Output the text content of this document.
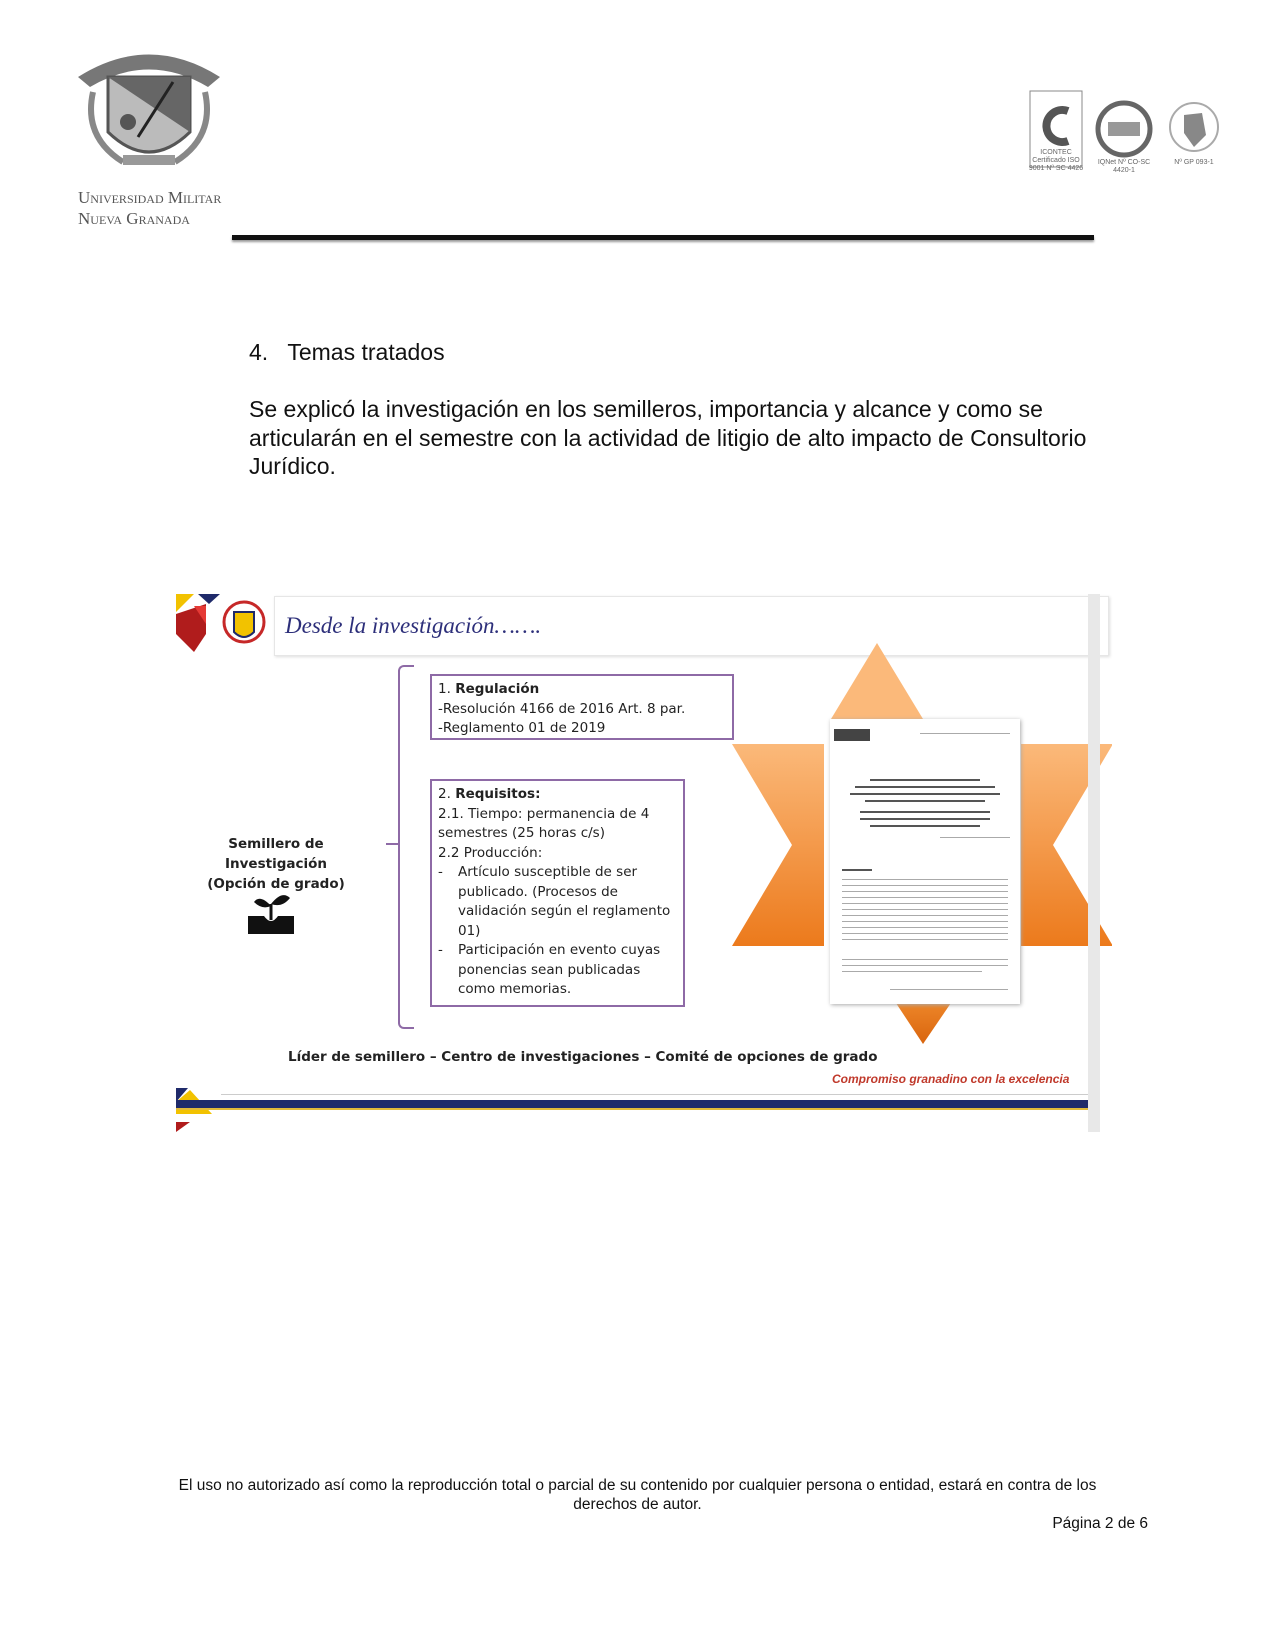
Universidad Militar
Nueva Granada
ICONTEC Certificado ISO 9001 Nº SC 4426
IQNet Nº CO-SC 4420-1
Nº GP 093-1
4. Temas tratados
Se explicó la investigación en los semilleros, importancia y alcance y como se articularán en el semestre con la actividad de litigio de alto impacto de Consultorio Jurídico.
Desde la investigación…….
Semillero de Investigación
(Opción de grado)
1. Regulación
-Resolución 4166 de 2016 Art. 8 par.
-Reglamento 01 de 2019
2. Requisitos:
2.1. Tiempo: permanencia de 4 semestres (25 horas c/s)
2.2 Producción:
- Artículo susceptible de ser publicado. (Procesos de validación según el reglamento 01)
- Participación en evento cuyas ponencias sean publicadas como memorias.
Líder de semillero – Centro de investigaciones – Comité de opciones de grado
Compromiso granadino con la excelencia
El uso no autorizado así como la reproducción total o parcial de su contenido por cualquier persona o entidad, estará en contra de los derechos de autor.
Página 2 de 6
